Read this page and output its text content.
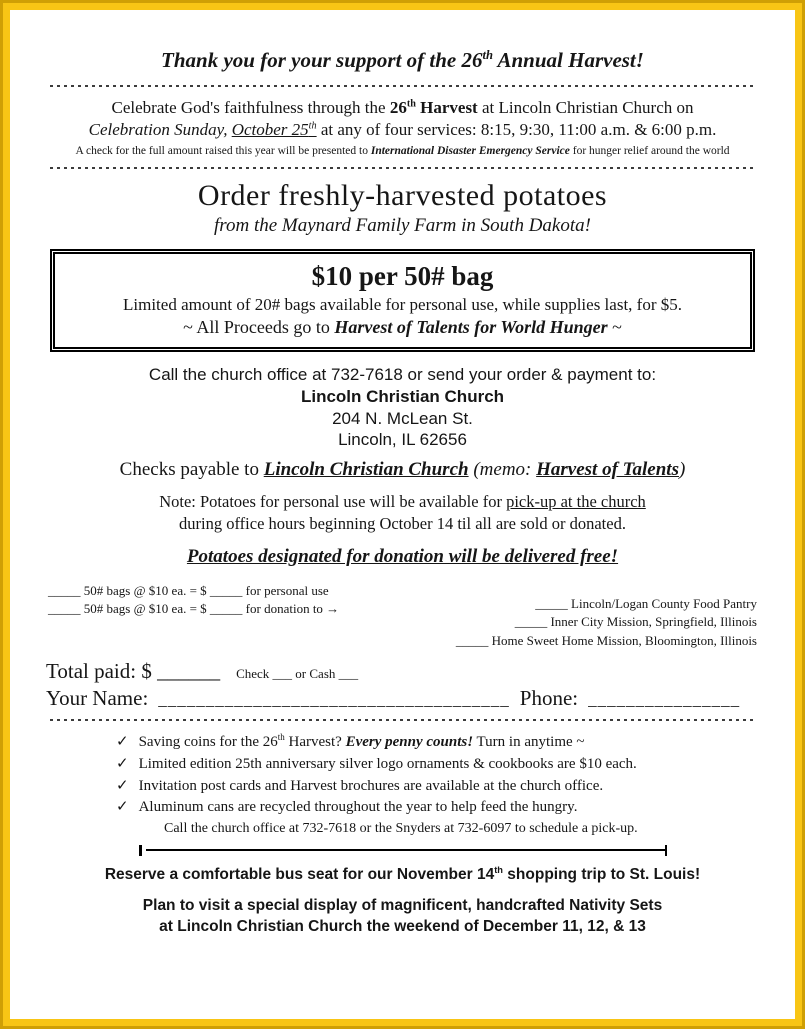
Thank you for your support of the 26th Annual Harvest!

Celebrate God's faithfulness through the 26th Harvest at Lincoln Christian Church on
Celebration Sunday, October 25th at any of four services: 8:15, 9:30, 11:00 a.m. & 6:00 p.m.
A check for the full amount raised this year will be presented to International Disaster Emergency Service for hunger relief around the world
Order freshly-harvested potatoes
from the Maynard Family Farm in South Dakota!
$10 per 50# bag
Limited amount of 20# bags available for personal use, while supplies last, for $5.
~ All Proceeds go to Harvest of Talents for World Hunger ~
Call the church office at 732-7618 or send your order & payment to:
Lincoln Christian Church
204 N. McLean St.
Lincoln, IL 62656

Checks payable to Lincoln Christian Church (memo: Harvest of Talents)

Note: Potatoes for personal use will be available for pick-up at the church
during office hours beginning October 14 til all are sold or donated.

Potatoes designated for donation will be delivered free!

_____ 50# bags @ $10 ea. = $ _____ for personal use
_____ 50# bags @ $10 ea. = $ _____ for donation to →	_____ Lincoln/Logan County Food Pantry
_____ Inner City Mission, Springfield, Illinois
_____ Home Sweet Home Mission, Bloomington, Illinois
Total paid: $ ______ Check ___ or Cash ___
Your Name: _____________________________________ Phone: ________________
✓ Saving coins for the 26th Harvest? Every penny counts! Turn in anytime ~
✓ Limited edition 25th anniversary silver logo ornaments & cookbooks are $10 each.
✓ Invitation post cards and Harvest brochures are available at the church office.
✓ Aluminum cans are recycled throughout the year to help feed the hungry.
Call the church office at 732-7618 or the Snyders at 732-6097 to schedule a pick-up.

Reserve a comfortable bus seat for our November 14th shopping trip to St. Louis!

Plan to visit a special display of magnificent, handcrafted Nativity Sets
at Lincoln Christian Church the weekend of December 11, 12, & 13
